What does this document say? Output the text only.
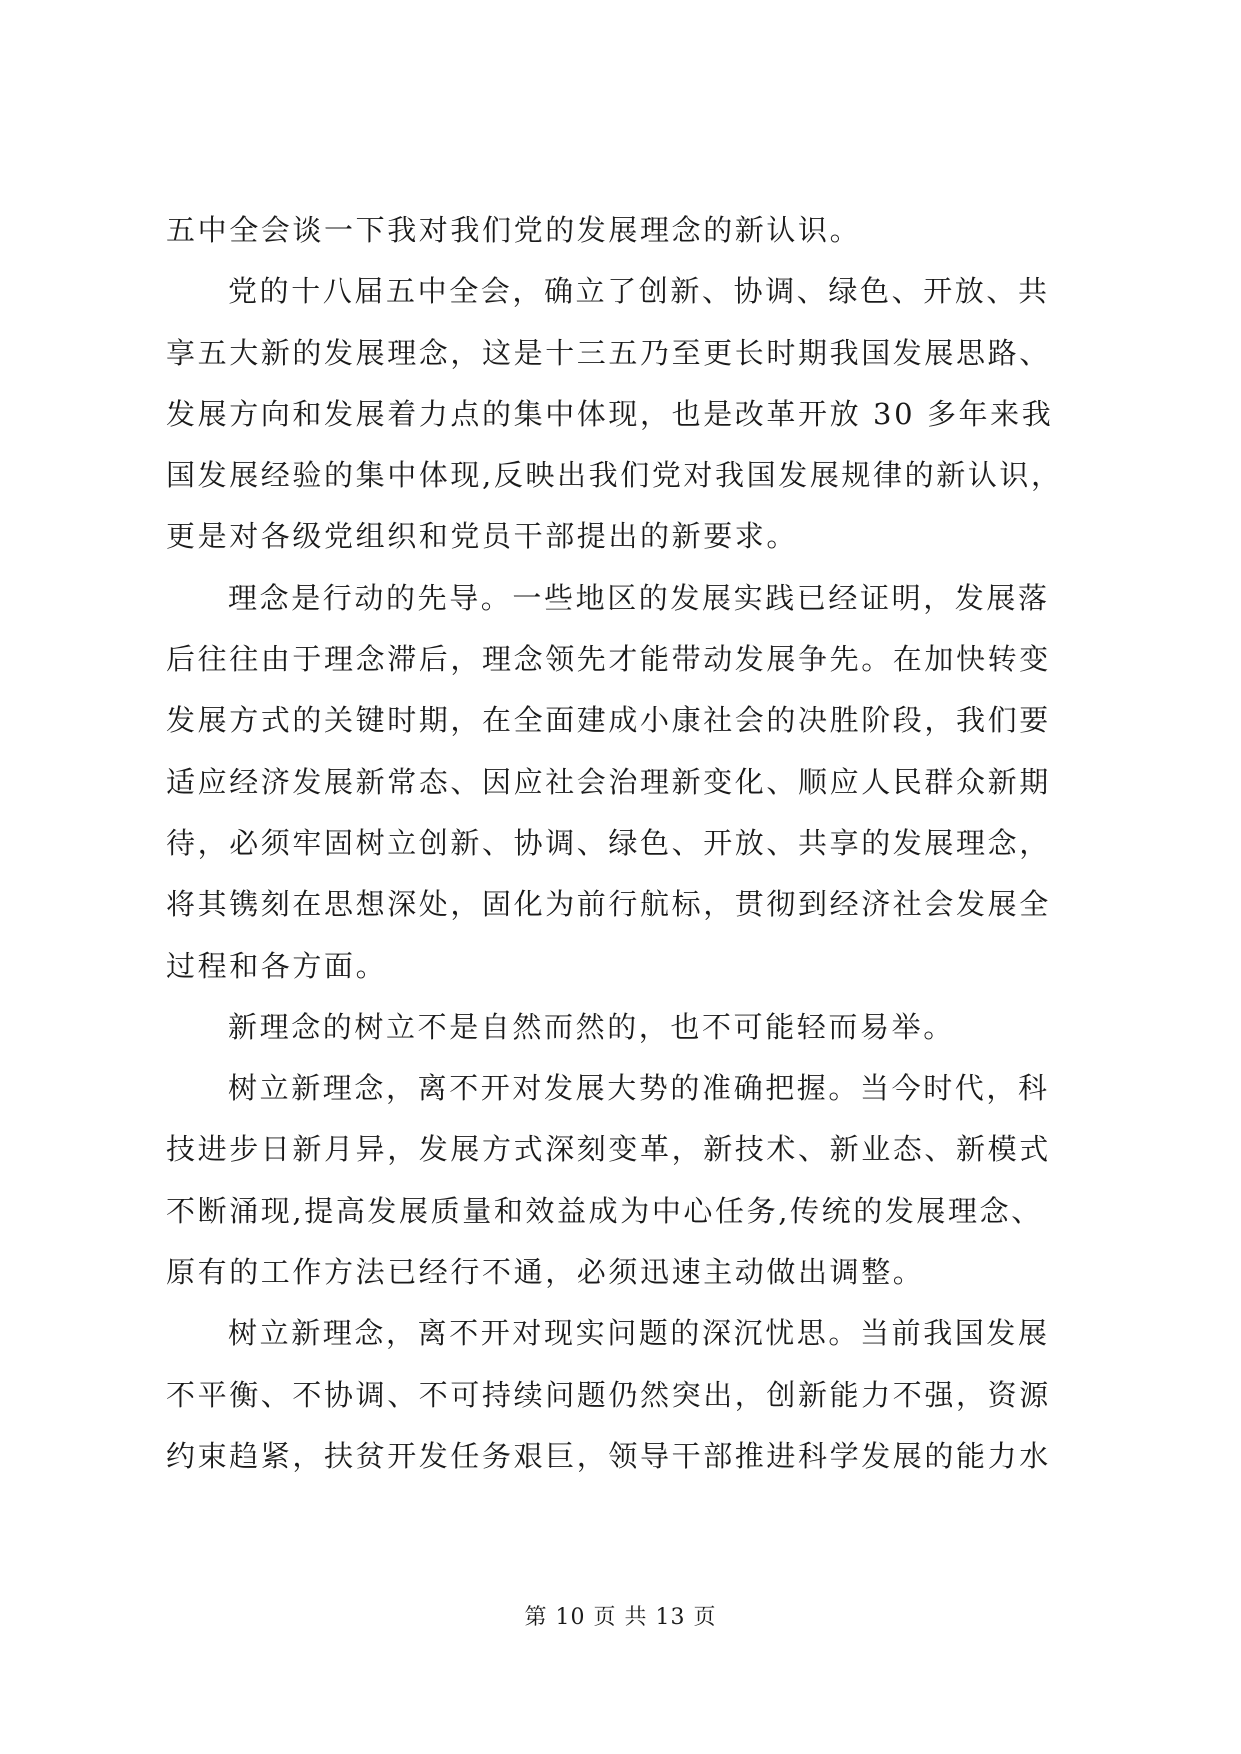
五中全会谈一下我对我们党的发展理念的新认识。
党的十八届五中全会，确立了创新、协调、绿色、开放、共
享五大新的发展理念，这是十三五乃至更长时期我国发展思路、
发展方向和发展着力点的集中体现，也是改革开放 30 多年来我
国发展经验的集中体现,反映出我们党对我国发展规律的新认识，
更是对各级党组织和党员干部提出的新要求。
理念是行动的先导。一些地区的发展实践已经证明，发展落
后往往由于理念滞后，理念领先才能带动发展争先。在加快转变
发展方式的关键时期，在全面建成小康社会的决胜阶段，我们要
适应经济发展新常态、因应社会治理新变化、顺应人民群众新期
待，必须牢固树立创新、协调、绿色、开放、共享的发展理念，
将其镌刻在思想深处，固化为前行航标，贯彻到经济社会发展全
过程和各方面。
新理念的树立不是自然而然的，也不可能轻而易举。
树立新理念，离不开对发展大势的准确把握。当今时代，科
技进步日新月异，发展方式深刻变革，新技术、新业态、新模式
不断涌现,提高发展质量和效益成为中心任务,传统的发展理念、
原有的工作方法已经行不通，必须迅速主动做出调整。
树立新理念，离不开对现实问题的深沉忧思。当前我国发展
不平衡、不协调、不可持续问题仍然突出，创新能力不强，资源
约束趋紧，扶贫开发任务艰巨，领导干部推进科学发展的能力水
第 10 页 共 13 页
